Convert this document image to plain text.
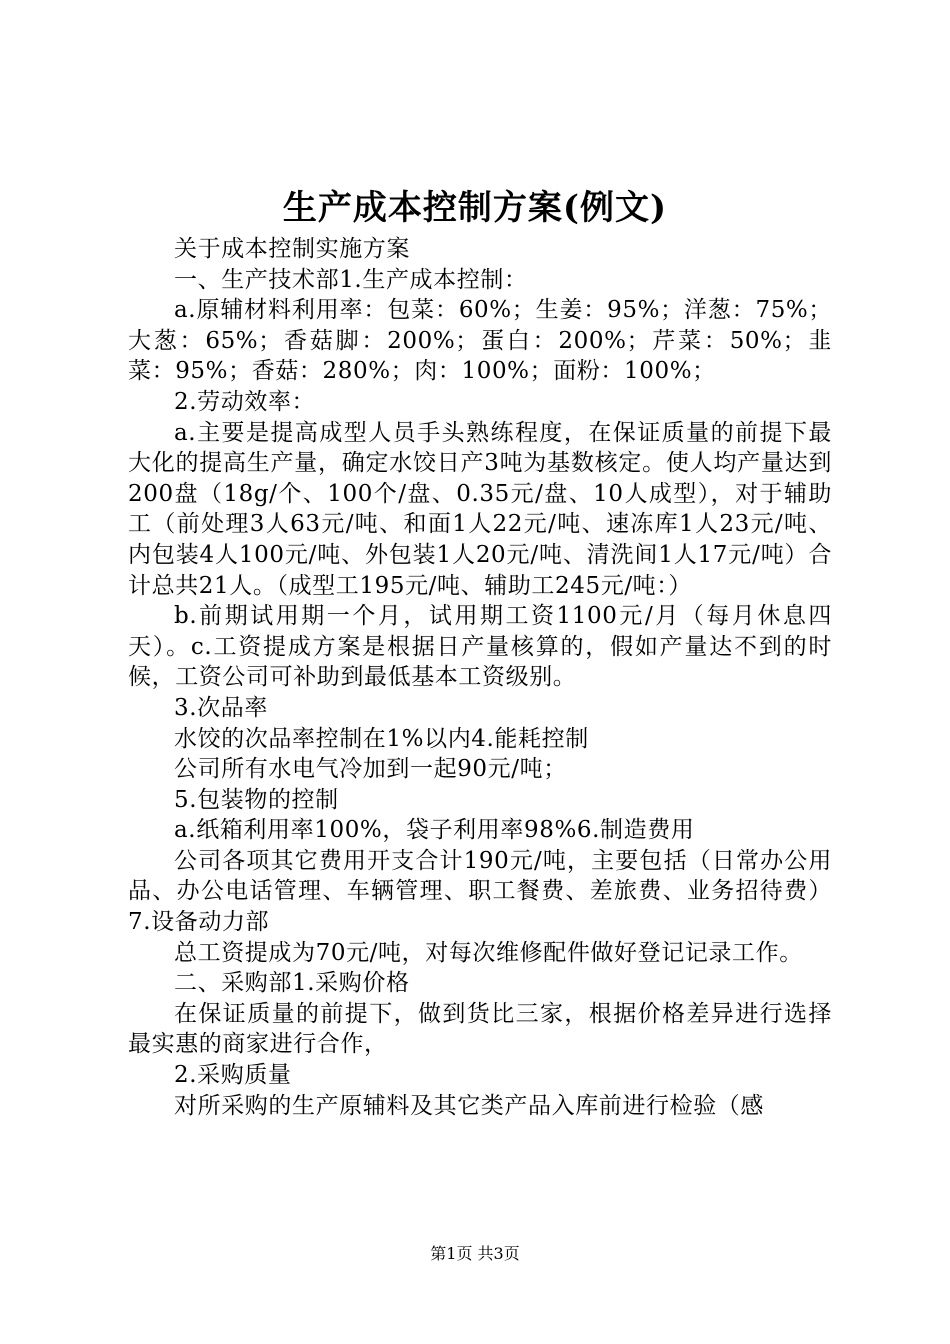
生产成本控制方案(例文)

关于成本控制实施方案

一、生产技术部1.生产成本控制：

a.原辅材料利用率：包菜：60%；生姜：95%；洋葱：75%；大葱：65%；香菇脚：200%；蛋白：200%；芹菜：50%；韭菜：95%；香菇：280%；肉：100%；面粉：100%；

2.劳动效率：

a.主要是提高成型人员手头熟练程度，在保证质量的前提下最大化的提高生产量，确定水饺日产3吨为基数核定。使人均产量达到200盘（18g/个、100个/盘、0.35元/盘、10人成型），对于辅助工（前处理3人63元/吨、和面1人22元/吨、速冻库1人23元/吨、内包装4人100元/吨、外包装1人20元/吨、清洗间1人17元/吨）合计总共21人。（成型工195元/吨、辅助工245元/吨：）

b.前期试用期一个月，试用期工资1100元/月（每月休息四天）。c.工资提成方案是根据日产量核算的，假如产量达不到的时候，工资公司可补助到最低基本工资级别。

3.次品率

水饺的次品率控制在1%以内4.能耗控制

公司所有水电气冷加到一起90元/吨；

5.包装物的控制

a.纸箱利用率100%，袋子利用率98%6.制造费用

公司各项其它费用开支合计190元/吨，主要包括（日常办公用品、办公电话管理、车辆管理、职工餐费、差旅费、业务招待费）7.设备动力部

总工资提成为70元/吨，对每次维修配件做好登记记录工作。

二、采购部1.采购价格

在保证质量的前提下，做到货比三家，根据价格差异进行选择最实惠的商家进行合作，

2.采购质量

对所采购的生产原辅料及其它类产品入库前进行检验（感

第1页 共3页
